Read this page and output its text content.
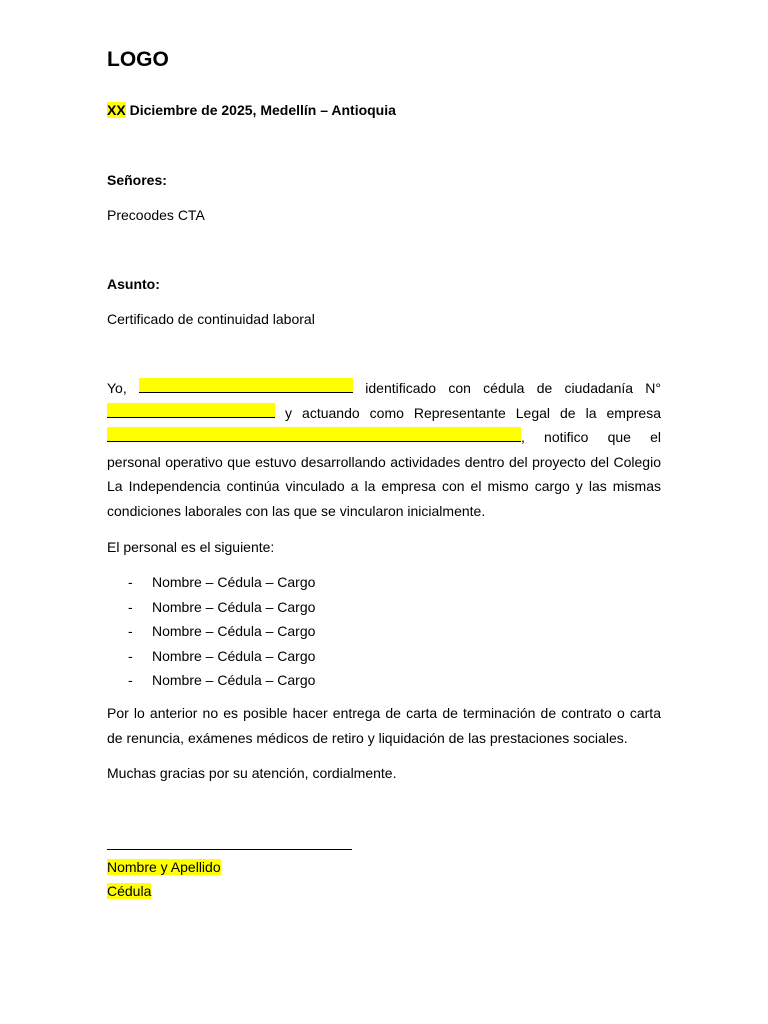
LOGO

XX Diciembre de 2025, Medellín – Antioquia

Señores:

Precoodes CTA

Asunto:

Certificado de continuidad laboral

Yo,	identificado con cédula de ciudadanía N°  y actuando como Representante Legal de la empresa , notifico que el personal operativo que estuvo desarrollando actividades dentro del proyecto del Colegio La Independencia continúa vinculado a la empresa con el mismo cargo y las mismas condiciones laborales con las que se vincularon inicialmente.

El personal es el siguiente:

- Nombre – Cédula – Cargo
- Nombre – Cédula – Cargo
- Nombre – Cédula – Cargo
- Nombre – Cédula – Cargo
- Nombre – Cédula – Cargo

Por lo anterior no es posible hacer entrega de carta de terminación de contrato o carta de renuncia, exámenes médicos de retiro y liquidación de las prestaciones sociales.

Muchas gracias por su atención, cordialmente.

Nombre y Apellido
Cédula
